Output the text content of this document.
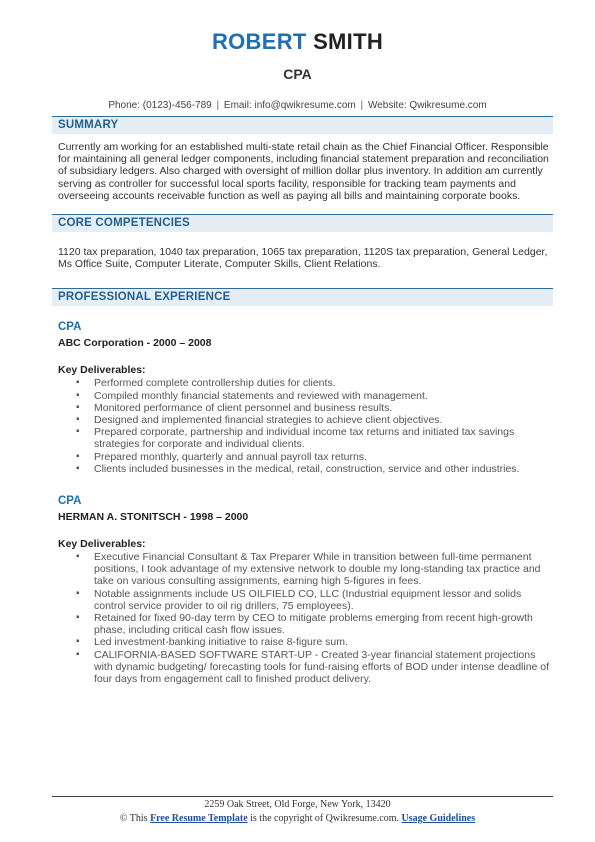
ROBERT SMITH
CPA
Phone: (0123)-456-789 | Email: info@qwikresume.com | Website: Qwikresume.com
SUMMARY
Currently am working for an established multi-state retail chain as the Chief Financial Officer. Responsible for maintaining all general ledger components, including financial statement preparation and reconciliation of subsidiary ledgers. Also charged with oversight of million dollar plus inventory. In addition am currently serving as controller for successful local sports facility, responsible for tracking team payments and overseeing accounts receivable function as well as paying all bills and maintaining corporate books.
CORE COMPETENCIES
1120 tax preparation, 1040 tax preparation, 1065 tax preparation, 1120S tax preparation, General Ledger, Ms Office Suite, Computer Literate, Computer Skills, Client Relations.
PROFESSIONAL EXPERIENCE
CPA
ABC Corporation - 2000 – 2008
Key Deliverables:
▪ Performed complete controllership duties for clients.
▪ Compiled monthly financial statements and reviewed with management.
▪ Monitored performance of client personnel and business results.
▪ Designed and implemented financial strategies to achieve client objectives.
▪ Prepared corporate, partnership and individual income tax returns and initiated tax savings strategies for corporate and individual clients.
▪ Prepared monthly, quarterly and annual payroll tax returns.
▪ Clients included businesses in the medical, retail, construction, service and other industries.
CPA
HERMAN A. STONITSCH - 1998 – 2000
Key Deliverables:
▪ Executive Financial Consultant & Tax Preparer While in transition between full-time permanent positions, I took advantage of my extensive network to double my long-standing tax practice and take on various consulting assignments, earning high 5-figures in fees.
▪ Notable assignments include US OILFIELD CO, LLC (Industrial equipment lessor and solids control service provider to oil rig drillers, 75 employees).
▪ Retained for fixed 90-day term by CEO to mitigate problems emerging from recent high-growth phase, including critical cash flow issues.
▪ Led investment-banking initiative to raise 8-figure sum.
▪ CALIFORNIA-BASED SOFTWARE START-UP - Created 3-year financial statement projections with dynamic budgeting/ forecasting tools for fund-raising efforts of BOD under intense deadline of four days from engagement call to finished product delivery.
2259 Oak Street, Old Forge, New York, 13420
© This Free Resume Template is the copyright of Qwikresume.com. Usage Guidelines
